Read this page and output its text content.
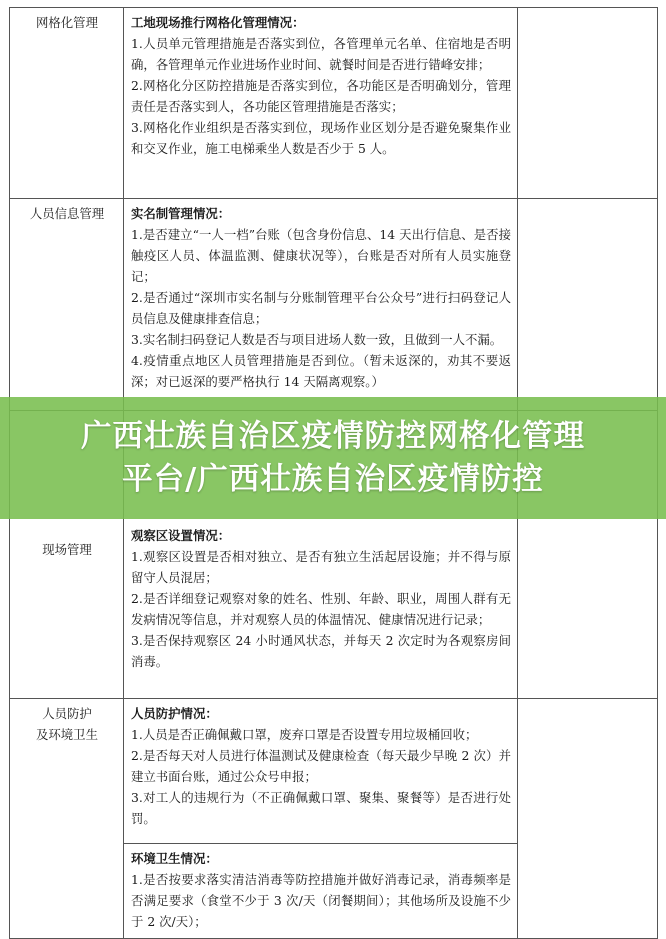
网格化管理	工地现场推行网格化管理情况：
1.人员单元管理措施是否落实到位，各管理单元名单、住宿地是否明确，各管理单元作业进场作业时间、就餐时间是否进行错峰安排；
2.网格化分区防控措施是否落实到位，各功能区是否明确划分，管理责任是否落实到人，各功能区管理措施是否落实；
3.网格化作业组织是否落实到位，现场作业区划分是否避免聚集作业和交叉作业，施工电梯乘坐人数是否少于 5 人。	

人员信息管理	实名制管理情况：
1.是否建立“一人一档”台账（包含身份信息、14 天出行信息、是否接触疫区人员、体温监测、健康状况等），台账是否对所有人员实施登记；
2.是否通过“深圳市实名制与分账制管理平台公众号”进行扫码登记人员信息及健康排查信息；
3.实名制扫码登记人数是否与项目进场人数一致，且做到一人不漏。
4.疫情重点地区人员管理措施是否到位。（暂未返深的，劝其不要返深；对已返深的要严格执行 14 天隔离观察。）	

现场管理	观察区设置情况：
1.观察区设置是否相对独立、是否有独立生活起居设施；并不得与原留守人员混居；
2.是否详细登记观察对象的姓名、性别、年龄、职业，周围人群有无发病情况等信息，并对观察人员的体温情况、健康情况进行记录；
3.是否保持观察区 24 小时通风状态，并每天 2 次定时为各观察房间消毒。	

人员防护
及环境卫生	人员防护情况：
1.人员是否正确佩戴口罩，废弃口罩是否设置专用垃圾桶回收；
2.是否每天对人员进行体温测试及健康检查（每天最少早晚 2 次）并建立书面台账，通过公众号申报；
3.对工人的违规行为（不正确佩戴口罩、聚集、聚餐等）是否进行处罚。	

	环境卫生情况：
1.是否按要求落实清洁消毒等防控措施并做好消毒记录，消毒频率是否满足要求（食堂不少于 3 次/天（闭餐期间）；其他场所及设施不少于 2 次/天）；	
广西壮族自治区疫情防控网格化管理
平台/广西壮族自治区疫情防控
